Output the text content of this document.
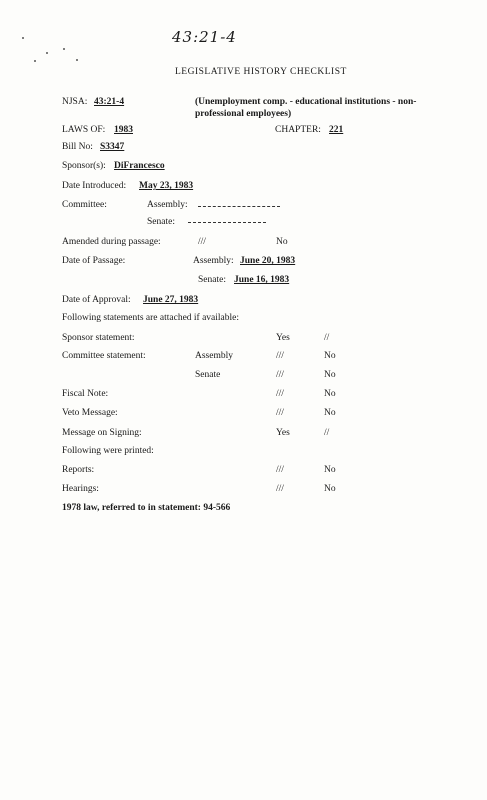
43:21-4
LEGISLATIVE HISTORY CHECKLIST
NJSA: 43:21-4	(Unemployment comp. - educational institutions - non-professional employees)
LAWS OF: 1983	CHAPTER: 221
Bill No: S3347
Sponsor(s): DiFrancesco
Date Introduced: May 23, 1983
Committee:	Assembly:
Senate:
Amended during passage:	///	No
Date of Passage:	Assembly: June 20, 1983
Senate: June 16, 1983
Date of Approval: June 27, 1983
Following statements are attached if available:
Sponsor statement:	Yes	//
Committee statement:	Assembly	///	No
Senate	///	No
Fiscal Note:	///	No
Veto Message:	///	No
Message on Signing:	Yes	//
Following were printed:
Reports:	///	No
Hearings:	///	No
1978 law, referred to in statement: 94-566
